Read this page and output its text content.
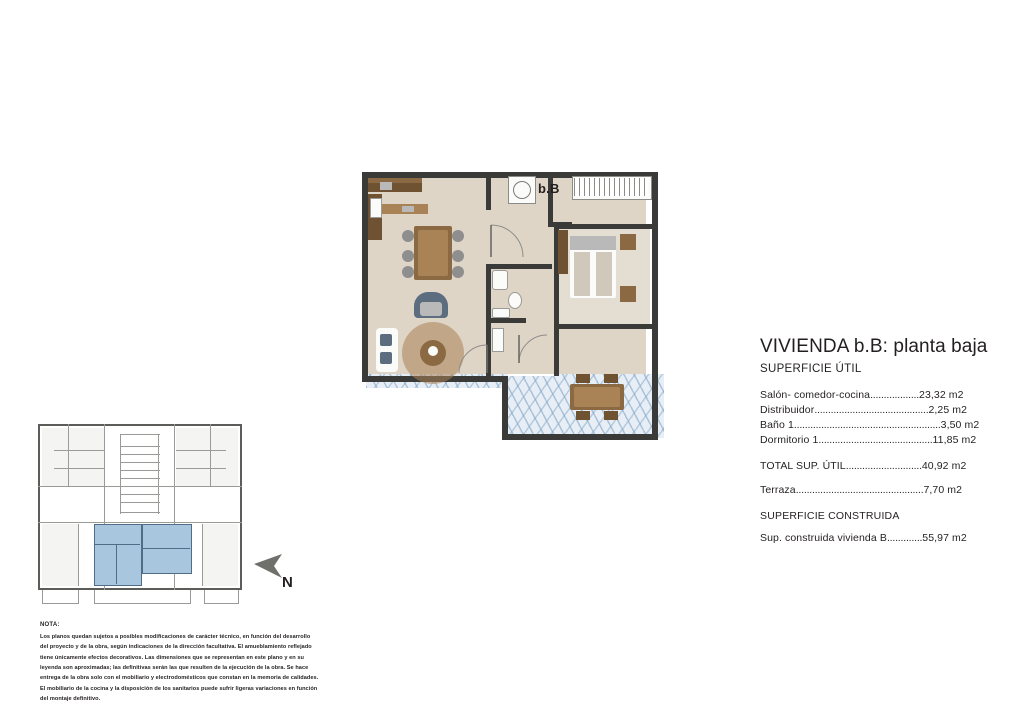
b.B
VIVIENDA b.B: planta baja
SUPERFICIE ÚTIL
Salón- comedor-cocina..................23,32 m2
Distribuidor..........................................2,25 m2
Baño 1......................................................3,50 m2
Dormitorio 1..........................................11,85 m2
TOTAL SUP. ÚTIL............................40,92 m2
Terraza...............................................7,70 m2
SUPERFICIE CONSTRUIDA
Sup. construida vivienda B.............55,97 m2
N
NOTA:
Los planos quedan sujetos a posibles modificaciones de carácter técnico, en función del desarrollo
del proyecto y de la obra, según indicaciones de la dirección facultativa. El amueblamiento reflejado
tiene únicamente efectos decorativos. Las dimensiones que se representan en este plano y en su
leyenda son aproximadas; las definitivas serán las que resulten de la ejecución de la obra. Se hace
entrega de la obra solo con el mobiliario y electrodomésticos que constan en la memoria de calidades.
El mobiliario de la cocina y la disposición de los sanitarios puede sufrir ligeras variaciones en función
del montaje definitivo.
